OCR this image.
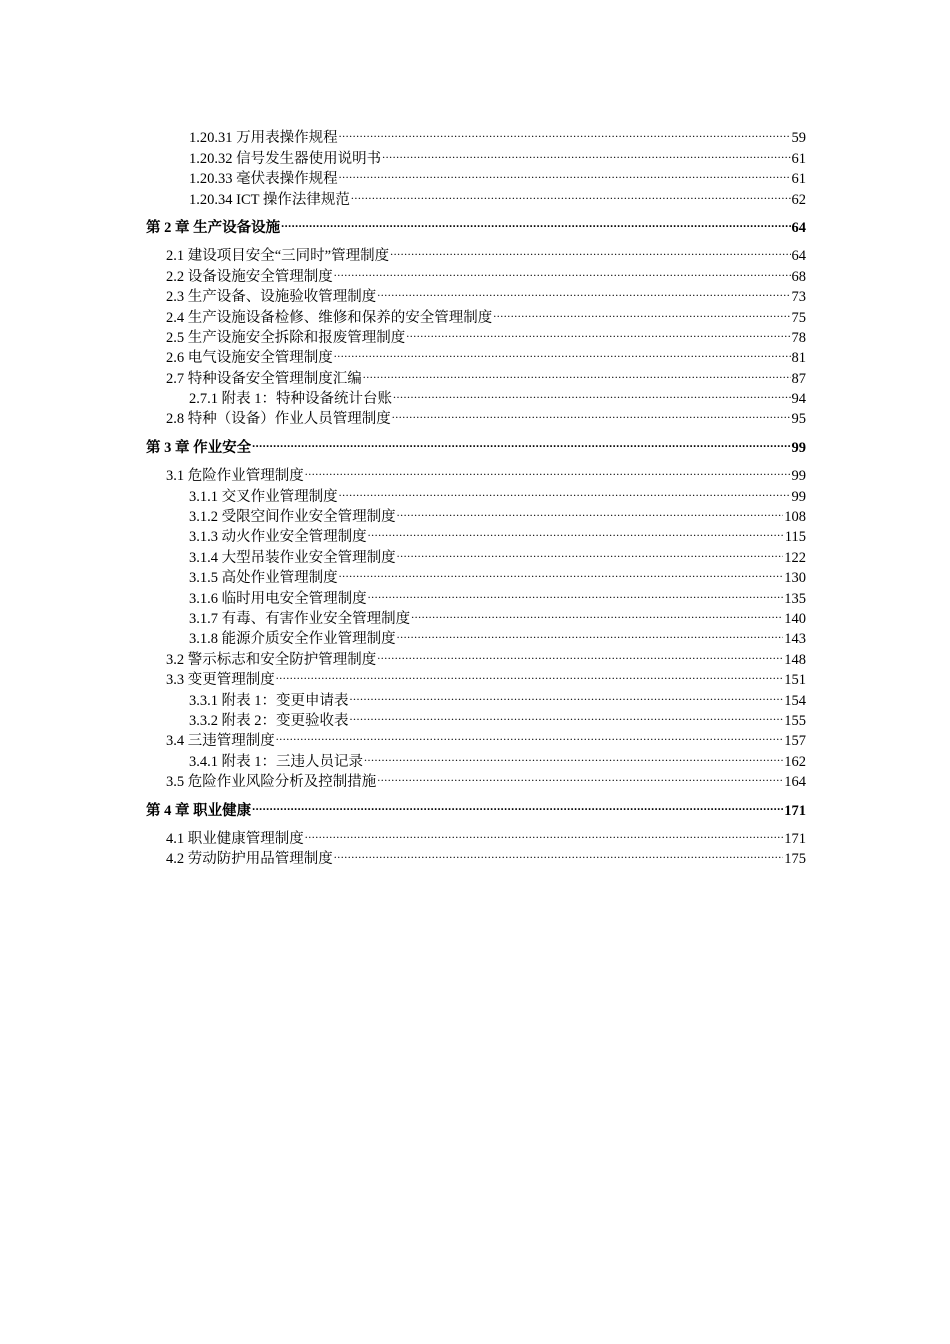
1.20.31 万用表操作规程 .....	59
1.20.32 信号发生器使用说明书 .....	61
1.20.33 毫伏表操作规程 .....	61
1.20.34 ICT 操作法律规范 .....	62
第 2 章 生产设备设施 .....	64
2.1 建设项目安全“三同时”管理制度 .....	64
2.2 设备设施安全管理制度 .....	68
2.3 生产设备、设施验收管理制度 .....	73
2.4 生产设施设备检修、维修和保养的安全管理制度 .....	75
2.5 生产设施安全拆除和报废管理制度 .....	78
2.6 电气设施安全管理制度 .....	81
2.7 特种设备安全管理制度汇编 .....	87
2.7.1 附表 1：特种设备统计台账 .....	94
2.8 特种（设备）作业人员管理制度 .....	95
第 3 章 作业安全 .....	99
3.1 危险作业管理制度 .....	99
3.1.1 交叉作业管理制度 .....	99
3.1.2 受限空间作业安全管理制度 .....	108
3.1.3 动火作业安全管理制度 .....	115
3.1.4 大型吊装作业安全管理制度 .....	122
3.1.5 高处作业管理制度 .....	130
3.1.6 临时用电安全管理制度 .....	135
3.1.7 有毒、有害作业安全管理制度 .....	140
3.1.8 能源介质安全作业管理制度 .....	143
3.2 警示标志和安全防护管理制度 .....	148
3.3 变更管理制度 .....	151
3.3.1 附表 1：变更申请表 .....	154
3.3.2 附表 2：变更验收表 .....	155
3.4 三违管理制度 .....	157
3.4.1 附表 1：三违人员记录 .....	162
3.5 危险作业风险分析及控制措施 .....	164
第 4 章 职业健康 .....	171
4.1 职业健康管理制度 .....	171
4.2 劳动防护用品管理制度 .....	175
